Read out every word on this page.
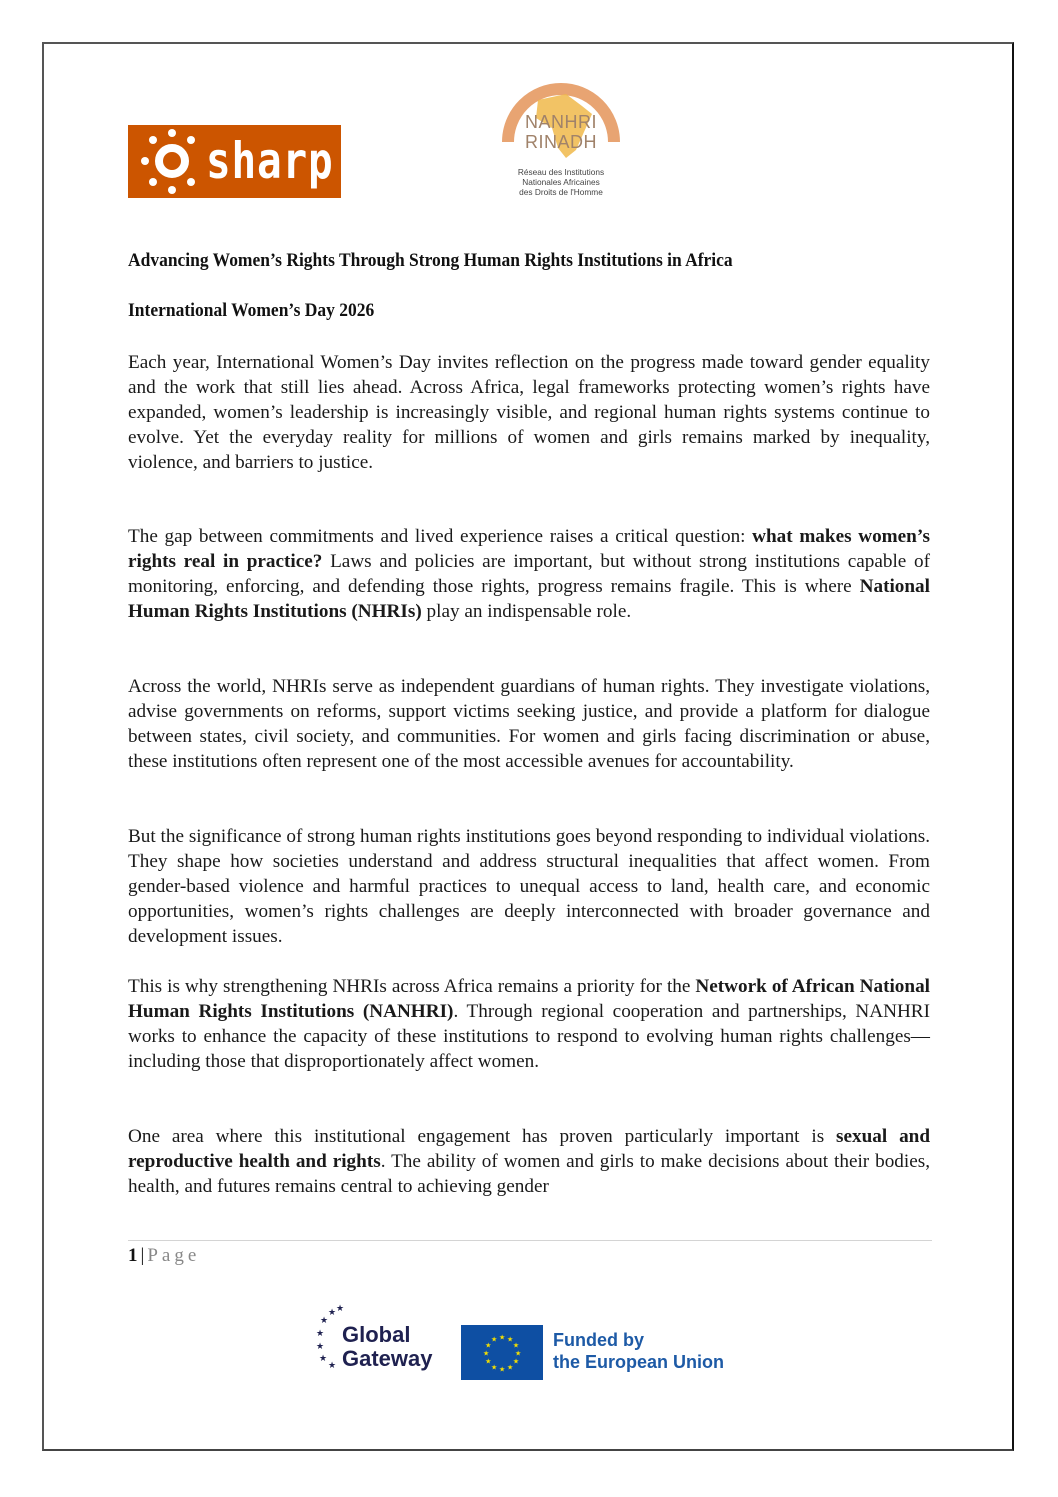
sharp
NANHRI
RINADH
Réseau des Institutions
Nationales Africaines
des Droits de l'Homme
Advancing Women’s Rights Through Strong Human Rights Institutions in Africa
International Women’s Day 2026

Each year, International Women’s Day invites reflection on the progress made toward gender equality and the work that still lies ahead. Across Africa, legal frameworks protecting women’s rights have expanded, women’s leadership is increasingly visible, and regional human rights systems continue to evolve. Yet the everyday reality for millions of women and girls remains marked by inequality, violence, and barriers to justice.

The gap between commitments and lived experience raises a critical question: what makes women’s rights real in practice? Laws and policies are important, but without strong institutions capable of monitoring, enforcing, and defending those rights, progress remains fragile. This is where National Human Rights Institutions (NHRIs) play an indispensable role.

Across the world, NHRIs serve as independent guardians of human rights. They investigate violations, advise governments on reforms, support victims seeking justice, and provide a platform for dialogue between states, civil society, and communities. For women and girls facing discrimination or abuse, these institutions often represent one of the most accessible avenues for accountability.

But the significance of strong human rights institutions goes beyond responding to individual violations. They shape how societies understand and address structural inequalities that affect women. From gender-based violence and harmful practices to unequal access to land, health care, and economic opportunities, women’s rights challenges are deeply interconnected with broader governance and development issues.

This is why strengthening NHRIs across Africa remains a priority for the Network of African National Human Rights Institutions (NANHRI). Through regional cooperation and partnerships, NANHRI works to enhance the capacity of these institutions to respond to evolving human rights challenges—including those that disproportionately affect women.

One area where this institutional engagement has proven particularly important is sexual and reproductive health and rights. The ability of women and girls to make decisions about their bodies, health, and futures remains central to achieving gender

1 | Page
★ ★
★
★
★
★
★
Global
Gateway
★ ★
★
★
★
★
★
★
★
★
★
★	Funded by
the European Union
